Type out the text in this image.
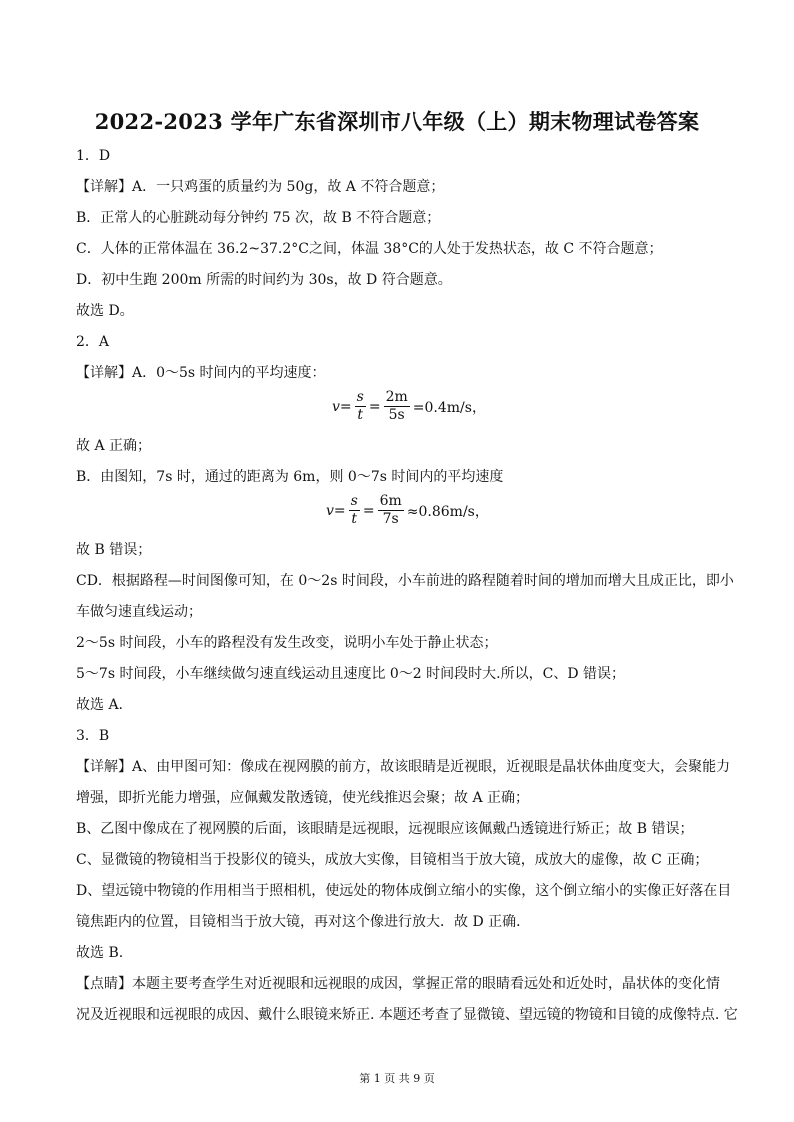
2022-2023 学年广东省深圳市八年级（上）期末物理试卷答案
1．D
【详解】A．一只鸡蛋的质量约为 50g，故 A 不符合题意；
B．正常人的心脏跳动每分钟约 75 次，故 B 不符合题意；
C．人体的正常体温在 36.2~37.2°C之间，体温 38°C的人处于发热状态，故 C 不符合题意；
D．初中生跑 200m 所需的时间约为 30s，故 D 符合题意。
故选 D。
2．A
【详解】A．0～5s 时间内的平均速度：
$v = \frac{s}{t} = \frac{2m}{5s} =0.4m/s$，
故 A 正确；
B．由图知，7s 时，通过的距离为 6m，则 0～7s 时间内的平均速度
$v = \frac{s}{t} = \frac{6m}{7s} \approx 0.86m/s$，
故 B 错误；
CD．根据路程—时间图像可知，在 0～2s 时间段，小车前进的路程随着时间的增加而增大且成正比，即小
车做匀速直线运动；
2～5s 时间段，小车的路程没有发生改变，说明小车处于静止状态；
5～7s 时间段，小车继续做匀速直线运动且速度比 0～2 时间段时大.所以，C、D 错误；
故选 A.
3．B
【详解】A、由甲图可知：像成在视网膜的前方，故该眼睛是近视眼，近视眼是晶状体曲度变大，会聚能力
增强，即折光能力增强，应佩戴发散透镜，使光线推迟会聚；故 A 正确；
B、乙图中像成在了视网膜的后面，该眼睛是远视眼，远视眼应该佩戴凸透镜进行矫正；故 B 错误；
C、显微镜的物镜相当于投影仪的镜头，成放大实像，目镜相当于放大镜，成放大的虚像，故 C 正确；
D、望远镜中物镜的作用相当于照相机，使远处的物体成倒立缩小的实像，这个倒立缩小的实像正好落在目
镜焦距内的位置，目镜相当于放大镜，再对这个像进行放大．故 D 正确．
故选 B.
【点睛】本题主要考查学生对近视眼和远视眼的成因，掌握正常的眼睛看远处和近处时，晶状体的变化情
况及近视眼和远视眼的成因、戴什么眼镜来矫正. 本题还考查了显微镜、望远镜的物镜和目镜的成像特点. 它
第 1 页 共 9 页
